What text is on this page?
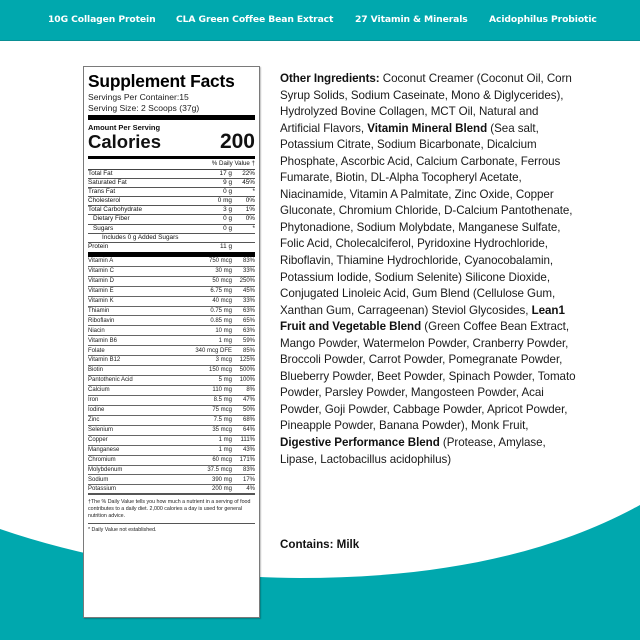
10G Collagen Protein CLA Green Coffee Bean Extract 27 Vitamin & Minerals Acidophilus Probiotic
Supplement Facts
Servings Per Container:15
Serving Size: 2 Scoops (37g)
Amount Per Serving
Calories	200
% Daily Value †
Total Fat	17 g	22%
Saturated Fat	9 g	45%
Trans Fat	0 g	*
Cholesterol	0 mg	0%
Total Carbohydrate	3 g	1%
Dietary Fiber	0 g	0%
Sugars	0 g	*
Includes 0 g Added Sugars
Protein	11 g
Vitamin A	750 mcg	83%
Vitamin C	30 mg	33%
Vitamin D	50 mcg	250%
Vitamin E	6.75 mg	45%
Vitamin K	40 mcg	33%
Thiamin	0.75 mg	63%
Riboflavin	0.85 mg	65%
Niacin	10 mg	63%
Vitamin B6	1 mg	59%
Folate	340 mcg DFE	85%
Vitamin B12	3 mcg	125%
Biotin	150 mcg	500%
Pantothenic Acid	5 mg	100%
Calcium	110 mg	8%
Iron	8.5 mg	47%
Iodine	75 mcg	50%
Zinc	7.5 mg	68%
Selenium	35 mcg	64%
Copper	1 mg	111%
Manganese	1 mg	43%
Chromium	60 mcg	171%
Molybdenum	37.5 mcg	83%
Sodium	390 mg	17%
Potassium	200 mg	4%
†The % Daily Value tells you how much a nutrient in a serving of food contributes to a daily diet. 2,000 calories a day is used for general nutrition advice.
* Daily Value not established.
Other Ingredients: Coconut Creamer (Coconut Oil, Corn Syrup Solids, Sodium Caseinate, Mono & Diglycerides), Hydrolyzed Bovine Collagen, MCT Oil, Natural and Artificial Flavors, Vitamin Mineral Blend (Sea salt, Potassium Citrate, Sodium Bicarbonate, Dicalcium Phosphate, Ascorbic Acid, Calcium Carbonate, Ferrous Fumarate, Biotin, DL-Alpha Tocopheryl Acetate, Niacinamide, Vitamin A Palmitate, Zinc Oxide, Copper Gluconate, Chromium Chloride, D-Calcium Pantothenate, Phytonadione, Sodium Molybdate, Manganese Sulfate, Folic Acid, Cholecalciferol, Pyridoxine Hydrochloride, Riboflavin, Thiamine Hydrochloride, Cyanocobalamin, Potassium Iodide, Sodium Selenite) Silicone Dioxide, Conjugated Linoleic Acid, Gum Blend (Cellulose Gum, Xanthan Gum, Carrageenan) Steviol Glycosides, Lean1 Fruit and Vegetable Blend (Green Coffee Bean Extract, Mango Powder, Watermelon Powder, Cranberry Powder, Broccoli Powder, Carrot Powder, Pomegranate Powder, Blueberry Powder, Beet Powder, Spinach Powder, Tomato Powder, Parsley Powder, Mangosteen Powder, Acai Powder, Goji Powder, Cabbage Powder, Apricot Powder, Pineapple Powder, Banana Powder), Monk Fruit, Digestive Performance Blend (Protease, Amylase, Lipase, Lactobacillus acidophilus)
Contains: Milk
